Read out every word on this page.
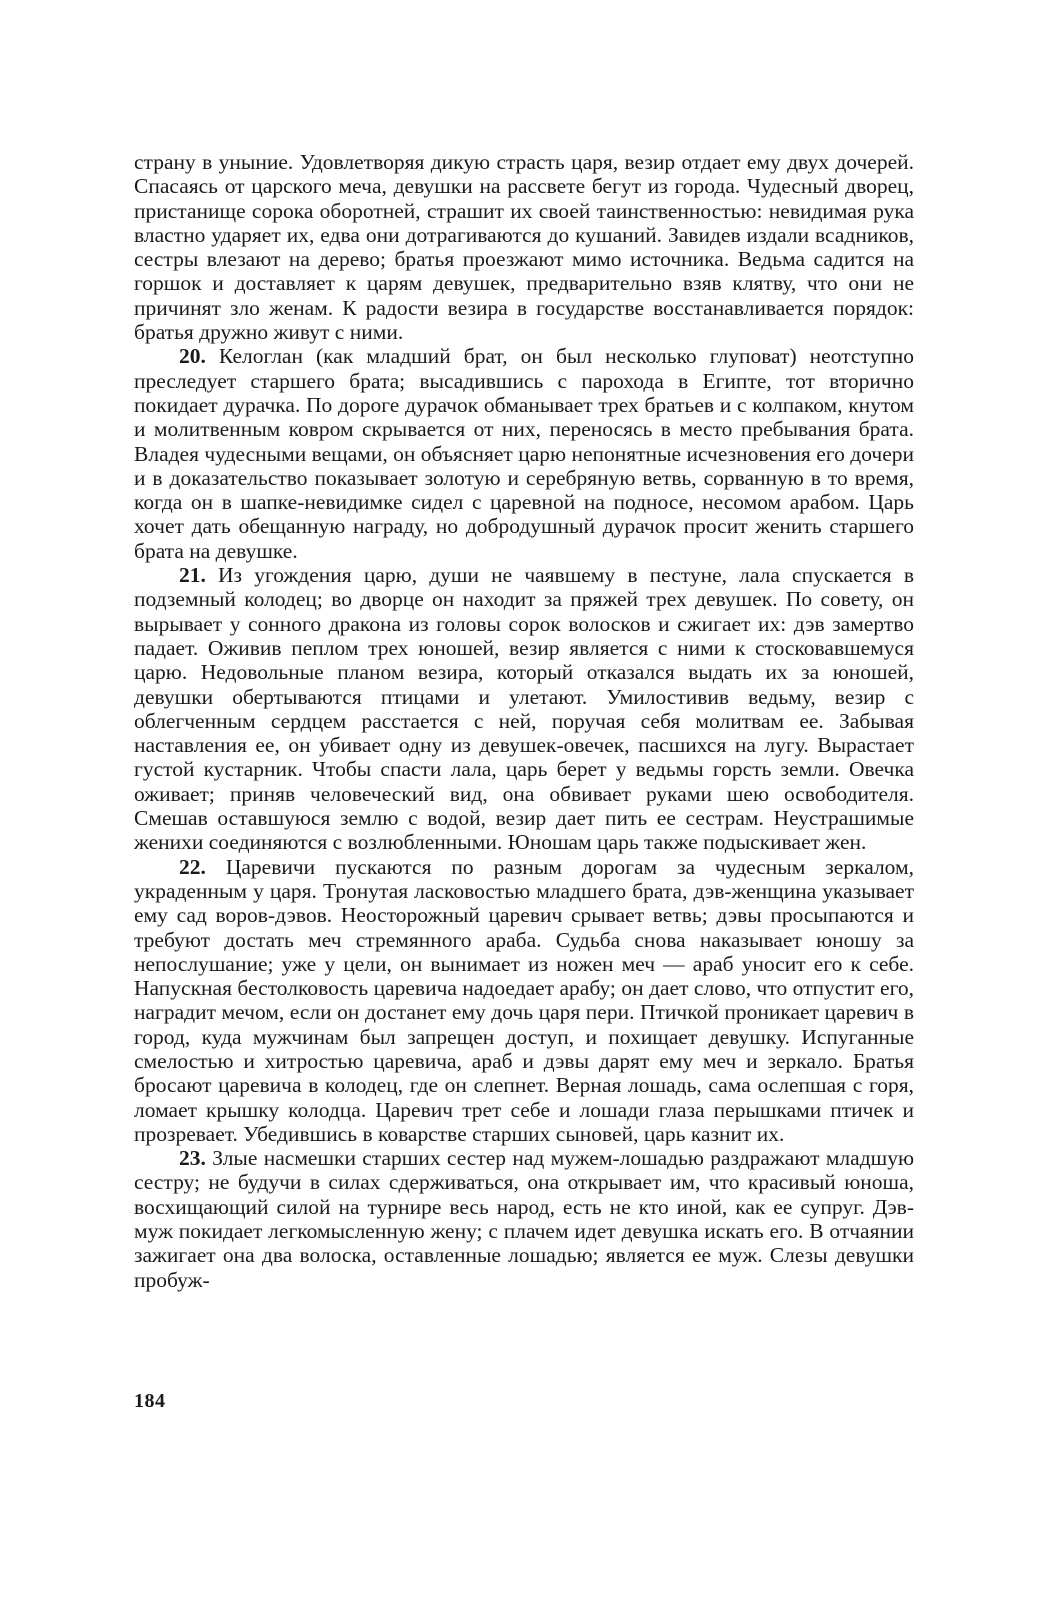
страну в уныние. Удовлетворяя дикую страсть царя, везир отдает ему двух дочерей. Спасаясь от царского меча, девушки на рассвете бегут из города. Чудесный дворец, пристанище сорока оборотней, страшит их своей таинственностью: невидимая рука властно ударяет их, едва они дотрагиваются до кушаний. Завидев издали всадников, сестры влезают на дерево; братья проезжают мимо источника. Ведьма садится на горшок и доставляет к царям девушек, предварительно взяв клятву, что они не причинят зло женам. К радости везира в государстве восстанавливается порядок: братья дружно живут с ними.

20. Келоглан (как младший брат, он был несколько глуповат) неотступно преследует старшего брата; высадившись с парохода в Египте, тот вторично покидает дурачка. По дороге дурачок обманывает трех братьев и с колпаком, кнутом и молитвенным ковром скрывается от них, переносясь в место пребывания брата. Владея чудесными вещами, он объясняет царю непонятные исчезновения его дочери и в доказательство показывает золотую и серебряную ветвь, сорванную в то время, когда он в шапке-невидимке сидел с царевной на подносе, несомом арабом. Царь хочет дать обещанную награду, но добродушный дурачок просит женить старшего брата на девушке.

21. Из угождения царю, души не чаявшему в пестуне, лала спускается в подземный колодец; во дворце он находит за пряжей трех девушек. По совету, он вырывает у сонного дракона из головы сорок волосков и сжигает их: дэв замертво падает. Оживив пеплом трех юношей, везир является с ними к стосковавшемуся царю. Недовольные планом везира, который отказался выдать их за юношей, девушки обертываются птицами и улетают. Умилостивив ведьму, везир с облегченным сердцем расстается с ней, поручая себя молитвам ее. Забывая наставления ее, он убивает одну из девушек-овечек, пасшихся на лугу. Вырастает густой кустарник. Чтобы спасти лала, царь берет у ведьмы горсть земли. Овечка оживает; приняв человеческий вид, она обвивает руками шею освободителя. Смешав оставшуюся землю с водой, везир дает пить ее сестрам. Неустрашимые женихи соединяются с возлюбленными. Юношам царь также подыскивает жен.

22. Царевичи пускаются по разным дорогам за чудесным зеркалом, украденным у царя. Тронутая ласковостью младшего брата, дэв-женщина указывает ему сад воров-дэвов. Неосторожный царевич срывает ветвь; дэвы просыпаются и требуют достать меч стремянного араба. Судьба снова наказывает юношу за непослушание; уже у цели, он вынимает из ножен меч — араб уносит его к себе. Напускная бестолковость царевича надоедает арабу; он дает слово, что отпустит его, наградит мечом, если он достанет ему дочь царя пери. Птичкой проникает царевич в город, куда мужчинам был запрещен доступ, и похищает девушку. Испуганные смелостью и хитростью царевича, араб и дэвы дарят ему меч и зеркало. Братья бросают царевича в колодец, где он слепнет. Верная лошадь, сама ослепшая с горя, ломает крышку колодца. Царевич трет себе и лошади глаза перышками птичек и прозревает. Убедившись в коварстве старших сыновей, царь казнит их.

23. Злые насмешки старших сестер над мужем-лошадью раздражают младшую сестру; не будучи в силах сдерживаться, она открывает им, что красивый юноша, восхищающий силой на турнире весь народ, есть не кто иной, как ее супруг. Дэв-муж покидает легкомысленную жену; с плачем идет девушка искать его. В отчаянии зажигает она два волоска, оставленные лошадью; является ее муж. Слезы девушки пробуж-

184
